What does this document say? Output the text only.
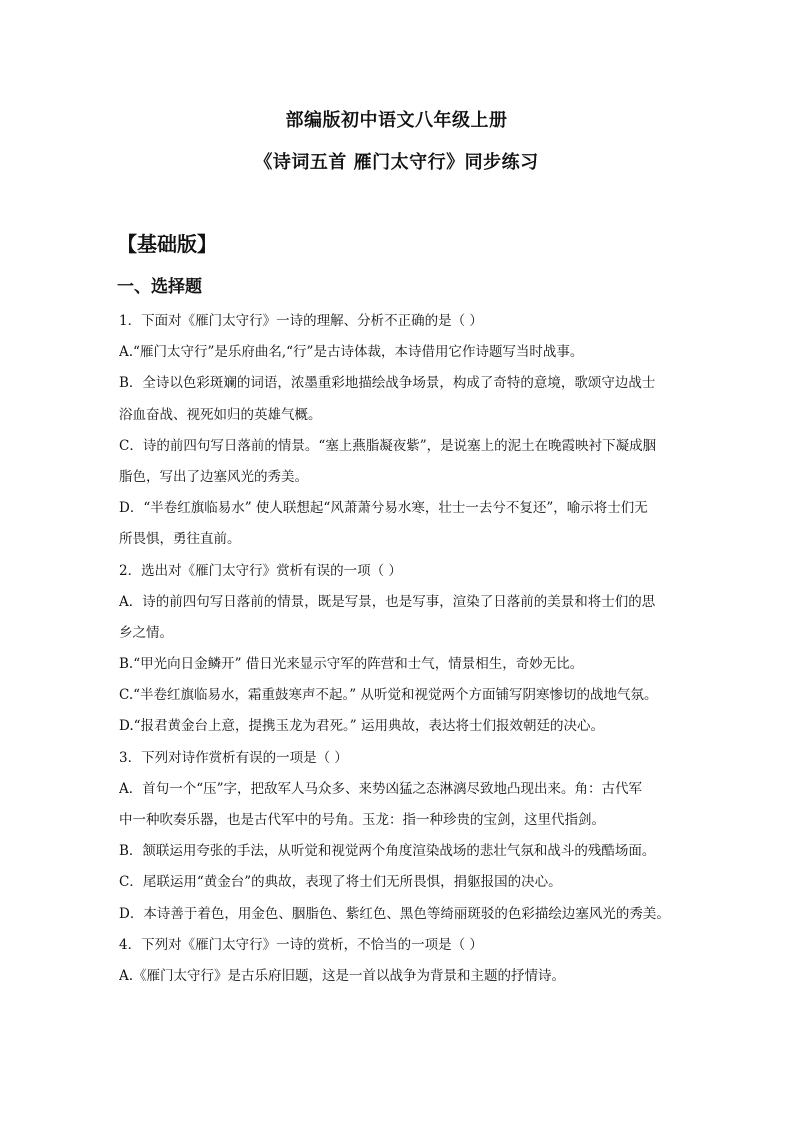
部编版初中语文八年级上册
《诗词五首 雁门太守行》同步练习
【基础版】
一、选择题
1．下面对《雁门太守行》一诗的理解、分析不正确的是（ ）
A.“雁门太守行”是乐府曲名,“行”是古诗体裁，本诗借用它作诗题写当时战事。
B．全诗以色彩斑斓的词语，浓墨重彩地描绘战争场景，构成了奇特的意境，歌颂守边战士
浴血奋战、视死如归的英雄气概。
C．诗的前四句写日落前的情景。“塞上燕脂凝夜紫”，是说塞上的泥土在晚霞映衬下凝成胭
脂色，写出了边塞风光的秀美。
D．“半卷红旗临易水” 使人联想起“风萧萧兮易水寒，壮士一去兮不复还”，喻示将士们无
所畏惧，勇往直前。
2．选出对《雁门太守行》赏析有误的一项（ ）
A．诗的前四句写日落前的情景，既是写景，也是写事，渲染了日落前的美景和将士们的思
乡之情。
B.“甲光向日金鳞开” 借日光来显示守军的阵营和士气，情景相生，奇妙无比。
C.“半卷红旗临易水，霜重鼓寒声不起。” 从听觉和视觉两个方面铺写阴寒惨切的战地气氛。
D.“报君黄金台上意，提携玉龙为君死。” 运用典故，表达将士们报效朝廷的决心。
3．下列对诗作赏析有误的一项是（ ）
A．首句一个“压”字，把敌军人马众多、来势凶猛之态淋漓尽致地凸现出来。角：古代军
中一种吹奏乐器，也是古代军中的号角。玉龙：指一种珍贵的宝剑，这里代指剑。
B．颔联运用夸张的手法，从听觉和视觉两个角度渲染战场的悲壮气氛和战斗的残酷场面。
C．尾联运用“黄金台”的典故，表现了将士们无所畏惧，捐躯报国的决心。
D．本诗善于着色，用金色、胭脂色、紫红色、黑色等绮丽斑驳的色彩描绘边塞风光的秀美。
4．下列对《雁门太守行》一诗的赏析，不恰当的一项是（ ）
A.《雁门太守行》是古乐府旧题，这是一首以战争为背景和主题的抒情诗。
